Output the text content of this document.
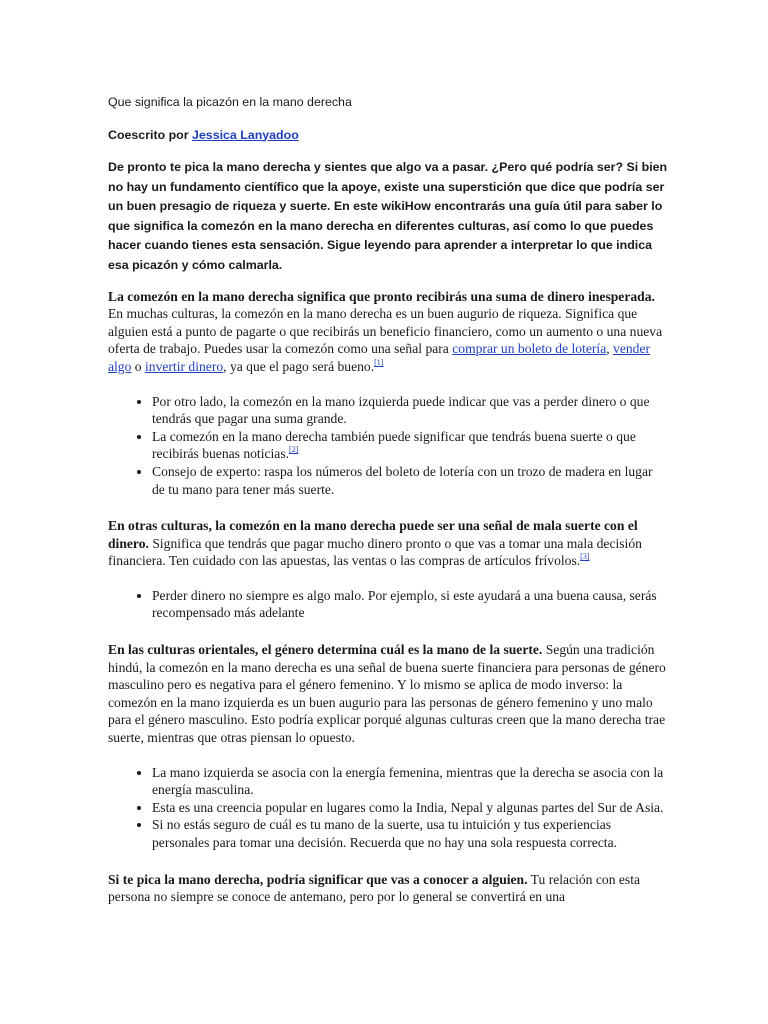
Que significa la picazón en la mano derecha

Coescrito por Jessica Lanyadoo

De pronto te pica la mano derecha y sientes que algo va a pasar. ¿Pero qué podría ser? Si bien no hay un fundamento científico que la apoye, existe una superstición que dice que podría ser un buen presagio de riqueza y suerte. En este wikiHow encontrarás una guía útil para saber lo que significa la comezón en la mano derecha en diferentes culturas, así como lo que puedes hacer cuando tienes esta sensación. Sigue leyendo para aprender a interpretar lo que indica esa picazón y cómo calmarla.

La comezón en la mano derecha significa que pronto recibirás una suma de dinero inesperada. En muchas culturas, la comezón en la mano derecha es un buen augurio de riqueza. Significa que alguien está a punto de pagarte o que recibirás un beneficio financiero, como un aumento o una nueva oferta de trabajo. Puedes usar la comezón como una señal para comprar un boleto de lotería, vender algo o invertir dinero, ya que el pago será bueno.[1]

• Por otro lado, la comezón en la mano izquierda puede indicar que vas a perder dinero o que tendrás que pagar una suma grande.
• La comezón en la mano derecha también puede significar que tendrás buena suerte o que recibirás buenas noticias.[2]
• Consejo de experto: raspa los números del boleto de lotería con un trozo de madera en lugar de tu mano para tener más suerte.

En otras culturas, la comezón en la mano derecha puede ser una señal de mala suerte con el dinero. Significa que tendrás que pagar mucho dinero pronto o que vas a tomar una mala decisión financiera. Ten cuidado con las apuestas, las ventas o las compras de artículos frívolos.[3]

• Perder dinero no siempre es algo malo. Por ejemplo, si este ayudará a una buena causa, serás recompensado más adelante

En las culturas orientales, el género determina cuál es la mano de la suerte. Según una tradición hindú, la comezón en la mano derecha es una señal de buena suerte financiera para personas de género masculino pero es negativa para el género femenino. Y lo mismo se aplica de modo inverso: la comezón en la mano izquierda es un buen augurio para las personas de género femenino y uno malo para el género masculino. Esto podría explicar porqué algunas culturas creen que la mano derecha trae suerte, mientras que otras piensan lo opuesto.

• La mano izquierda se asocia con la energía femenina, mientras que la derecha se asocia con la energía masculina.
• Esta es una creencia popular en lugares como la India, Nepal y algunas partes del Sur de Asia.
• Si no estás seguro de cuál es tu mano de la suerte, usa tu intuición y tus experiencias personales para tomar una decisión. Recuerda que no hay una sola respuesta correcta.

Si te pica la mano derecha, podría significar que vas a conocer a alguien. Tu relación con esta persona no siempre se conoce de antemano, pero por lo general se convertirá en una
